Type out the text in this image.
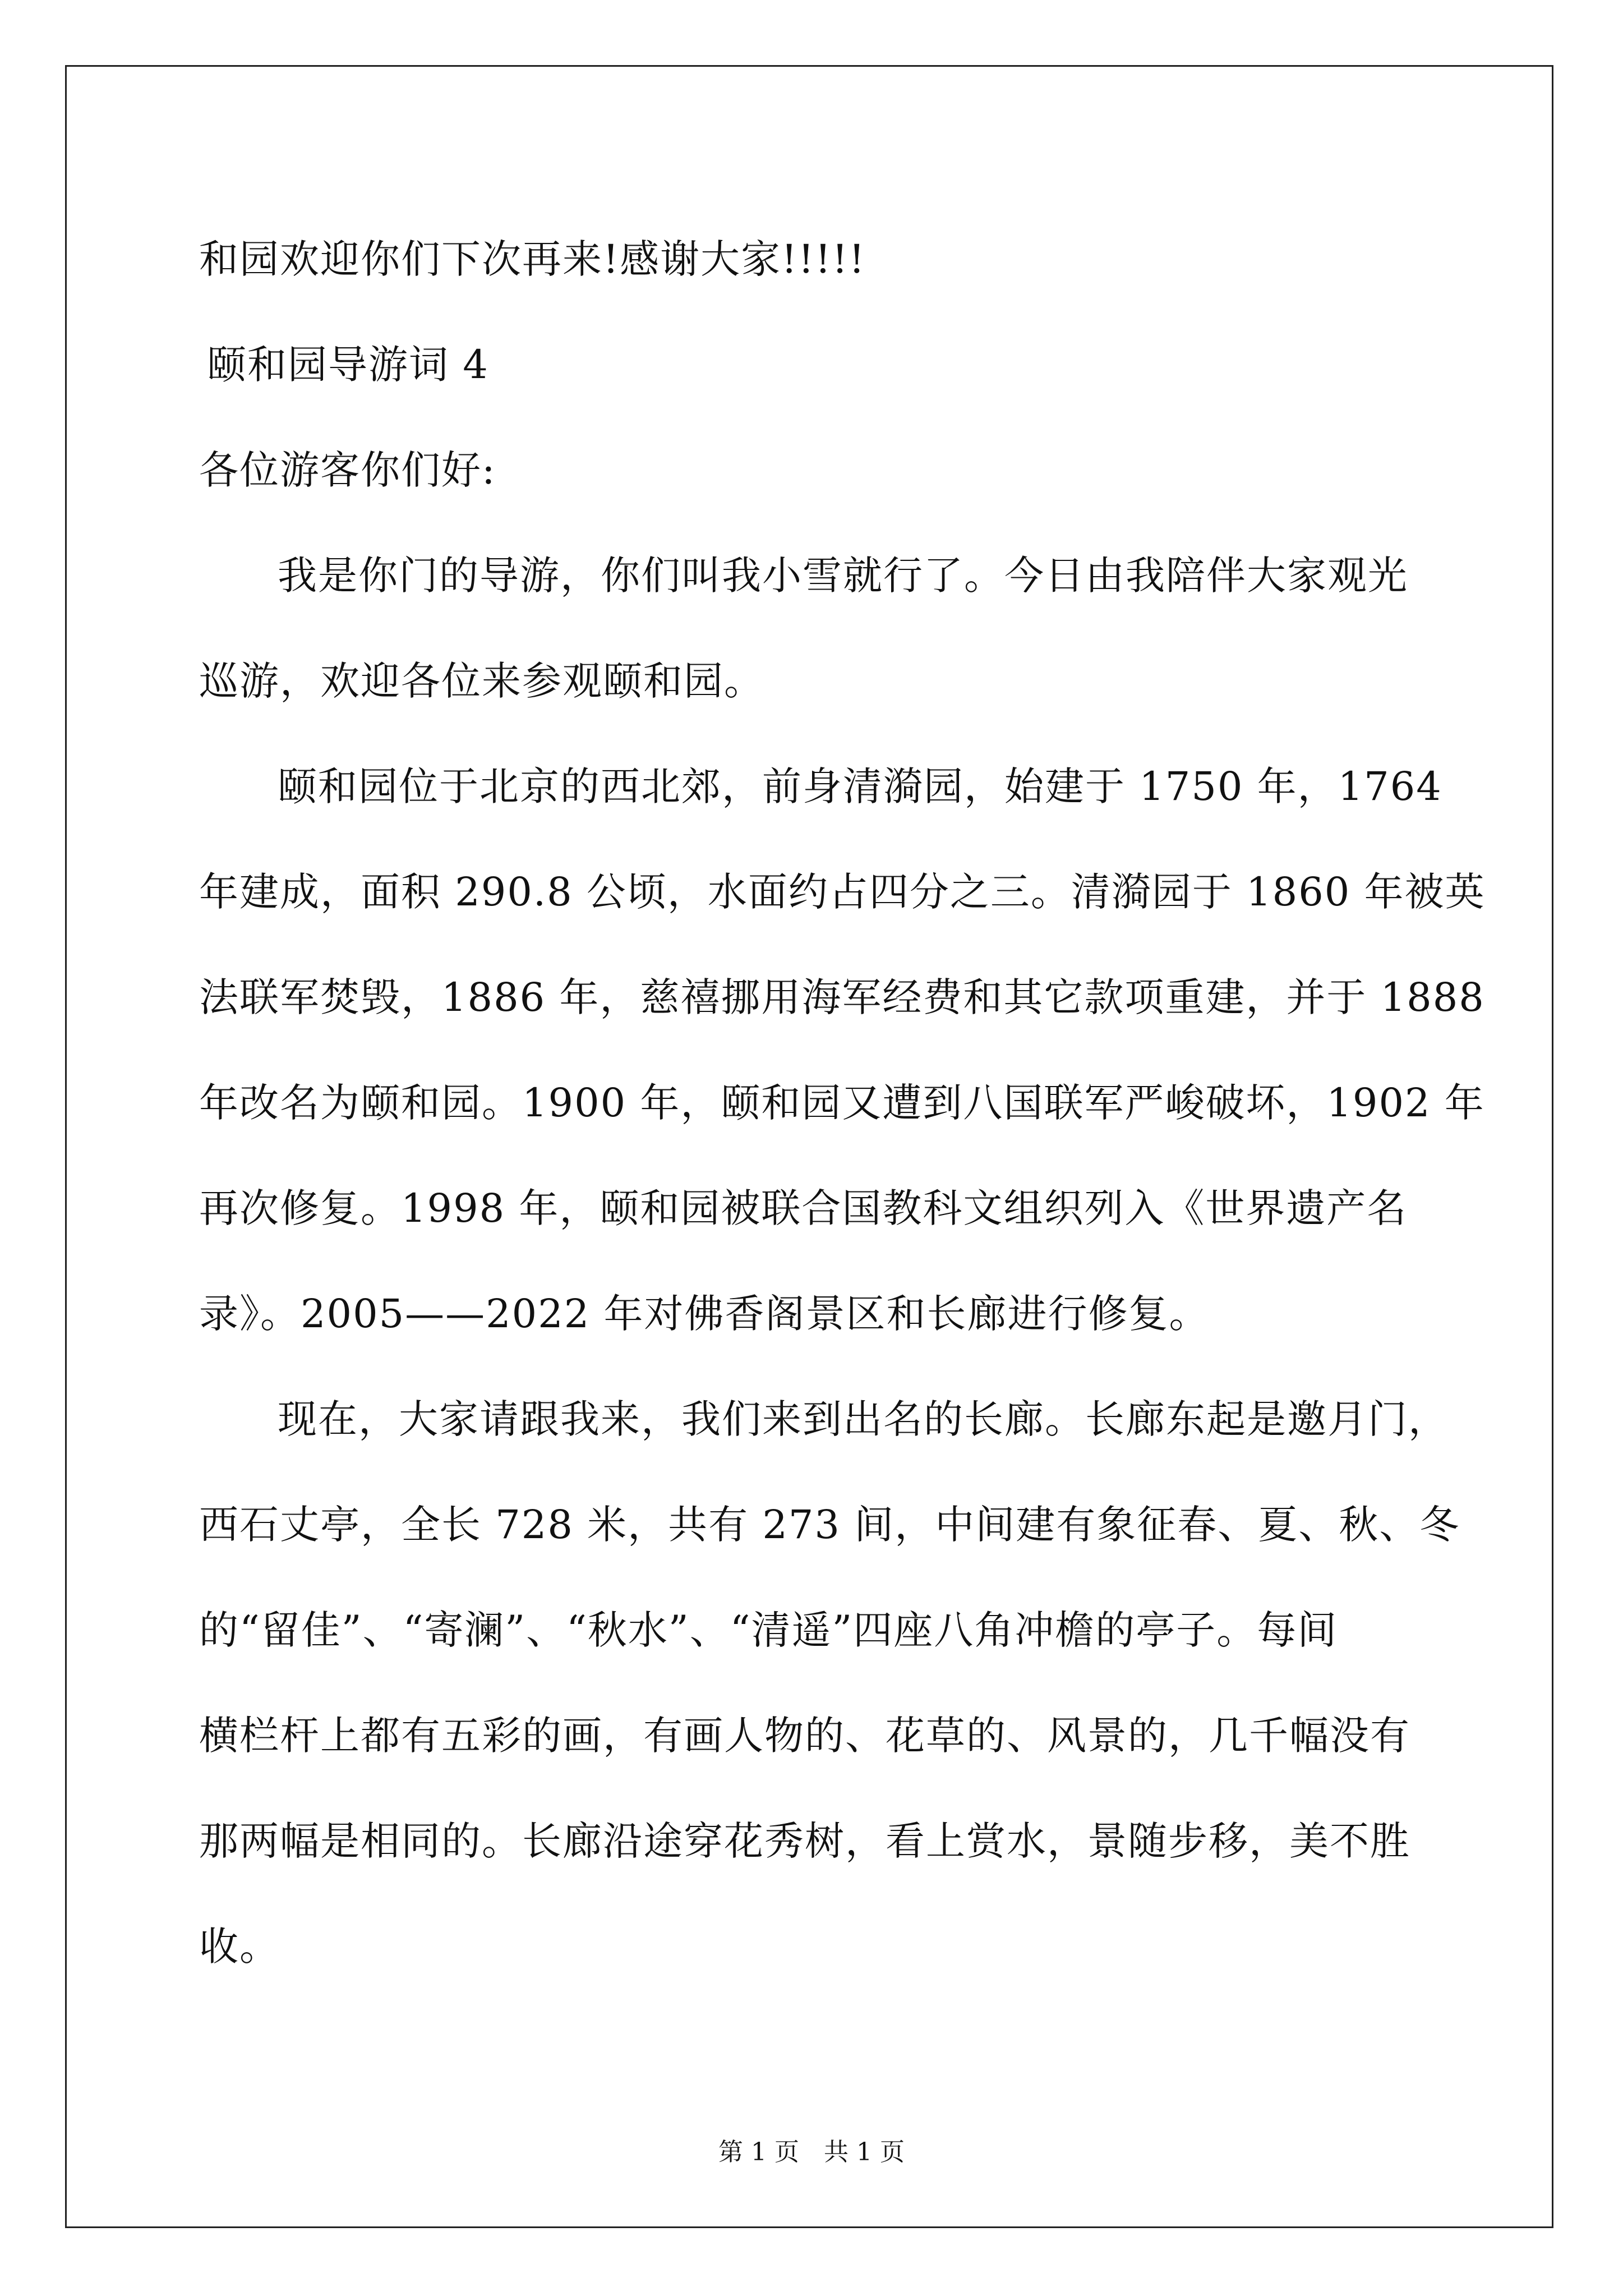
和园欢迎你们下次再来!感谢大家!!!!!
颐和园导游词 4
各位游客你们好:
我是你门的导游，你们叫我小雪就行了。今日由我陪伴大家观光
巡游，欢迎各位来参观颐和园。
颐和园位于北京的西北郊，前身清漪园，始建于 1750 年，1764
年建成，面积 290.8 公顷，水面约占四分之三。清漪园于 1860 年被英
法联军焚毁，1886 年，慈禧挪用海军经费和其它款项重建，并于 1888
年改名为颐和园。1900 年，颐和园又遭到八国联军严峻破坏，1902 年
再次修复。1998 年，颐和园被联合国教科文组织列入《世界遗产名
录》。2005——2022 年对佛香阁景区和长廊进行修复。
现在，大家请跟我来，我们来到出名的长廊。长廊东起是邀月门，
西石丈亭，全长 728 米，共有 273 间，中间建有象征春、夏、秋、冬
的“留佳”、“寄澜”、“秋水”、“清遥”四座八角冲檐的亭子。每间
横栏杆上都有五彩的画，有画人物的、花草的、风景的，几千幅没有
那两幅是相同的。长廊沿途穿花秀树，看上赏水，景随步移，美不胜
收。
第 1 页　共 1 页
